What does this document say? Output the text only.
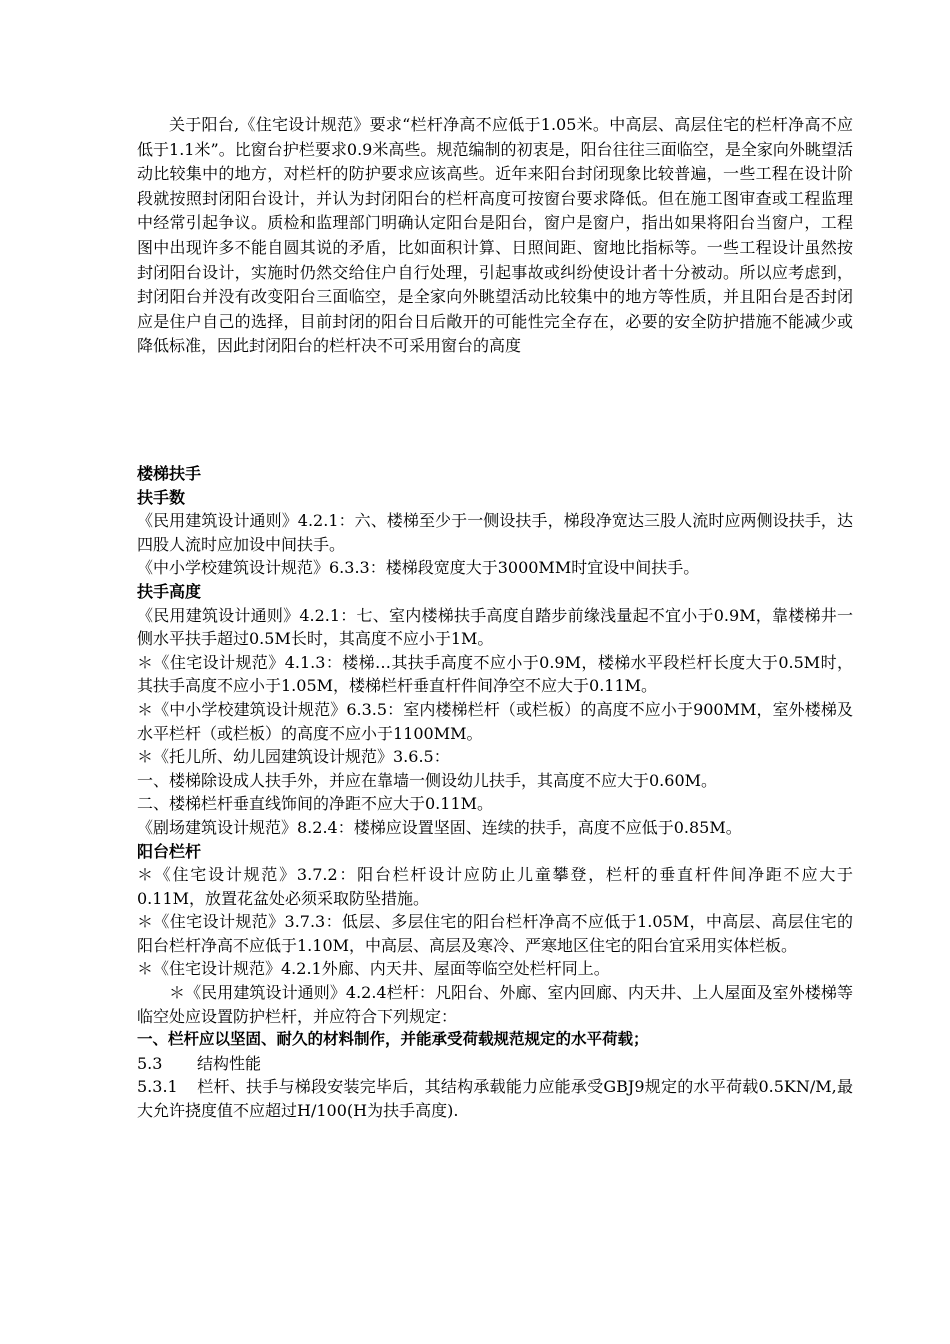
关于阳台,《住宅设计规范》要求“栏杆净高不应低于1.05米。中高层、高层住宅的栏杆净高不应低于1.1米”。比窗台护栏要求0.9米高些。规范编制的初衷是，阳台往往三面临空，是全家向外眺望活动比较集中的地方，对栏杆的防护要求应该高些。近年来阳台封闭现象比较普遍，一些工程在设计阶段就按照封闭阳台设计，并认为封闭阳台的栏杆高度可按窗台要求降低。但在施工图审查或工程监理中经常引起争议。质检和监理部门明确认定阳台是阳台，窗户是窗户，指出如果将阳台当窗户，工程图中出现许多不能自圆其说的矛盾，比如面积计算、日照间距、窗地比指标等。一些工程设计虽然按封闭阳台设计，实施时仍然交给住户自行处理，引起事故或纠纷使设计者十分被动。所以应考虑到，封闭阳台并没有改变阳台三面临空，是全家向外眺望活动比较集中的地方等性质，并且阳台是否封闭应是住户自己的选择，目前封闭的阳台日后敞开的可能性完全存在，必要的安全防护措施不能减少或降低标准，因此封闭阳台的栏杆决不可采用窗台的高度

楼梯扶手

扶手数

《民用建筑设计通则》4.2.1：六、楼梯至少于一侧设扶手，梯段净宽达三股人流时应两侧设扶手，达四股人流时应加设中间扶手。

《中小学校建筑设计规范》6.3.3：楼梯段宽度大于3000MM时宜设中间扶手。

扶手高度

《民用建筑设计通则》4.2.1：七、室内楼梯扶手高度自踏步前缘浅量起不宜小于0.9M，靠楼梯井一侧水平扶手超过0.5M长时，其高度不应小于1M。

＊《住宅设计规范》4.1.3：楼梯…其扶手高度不应小于0.9M，楼梯水平段栏杆长度大于0.5M时，其扶手高度不应小于1.05M，楼梯栏杆垂直杆件间净空不应大于0.11M。

＊《中小学校建筑设计规范》6.3.5：室内楼梯栏杆（或栏板）的高度不应小于900MM，室外楼梯及水平栏杆（或栏板）的高度不应小于1100MM。

＊《托儿所、幼儿园建筑设计规范》3.6.5：

一、楼梯除设成人扶手外，并应在靠墙一侧设幼儿扶手，其高度不应大于0.60M。

二、楼梯栏杆垂直线饰间的净距不应大于0.11M。

《剧场建筑设计规范》8.2.4：楼梯应设置坚固、连续的扶手，高度不应低于0.85M。

阳台栏杆

＊《住宅设计规范》3.7.2：阳台栏杆设计应防止儿童攀登，栏杆的垂直杆件间净距不应大于0.11M，放置花盆处必须采取防坠措施。

＊《住宅设计规范》3.7.3：低层、多层住宅的阳台栏杆净高不应低于1.05M，中高层、高层住宅的阳台栏杆净高不应低于1.10M，中高层、高层及寒冷、严寒地区住宅的阳台宜采用实体栏板。

＊《住宅设计规范》4.2.1外廊、内天井、屋面等临空处栏杆同上。

＊《民用建筑设计通则》4.2.4栏杆：凡阳台、外廊、室内回廊、内天井、上人屋面及室外楼梯等临空处应设置防护栏杆，并应符合下列规定：

一、栏杆应以坚固、耐久的材料制作，并能承受荷载规范规定的水平荷载；

5.3 结构性能

5.3.1 栏杆、扶手与梯段安装完毕后，其结构承载能力应能承受GBJ9规定的水平荷载0.5KN/M,最大允许挠度值不应超过H/100(H为扶手高度).
